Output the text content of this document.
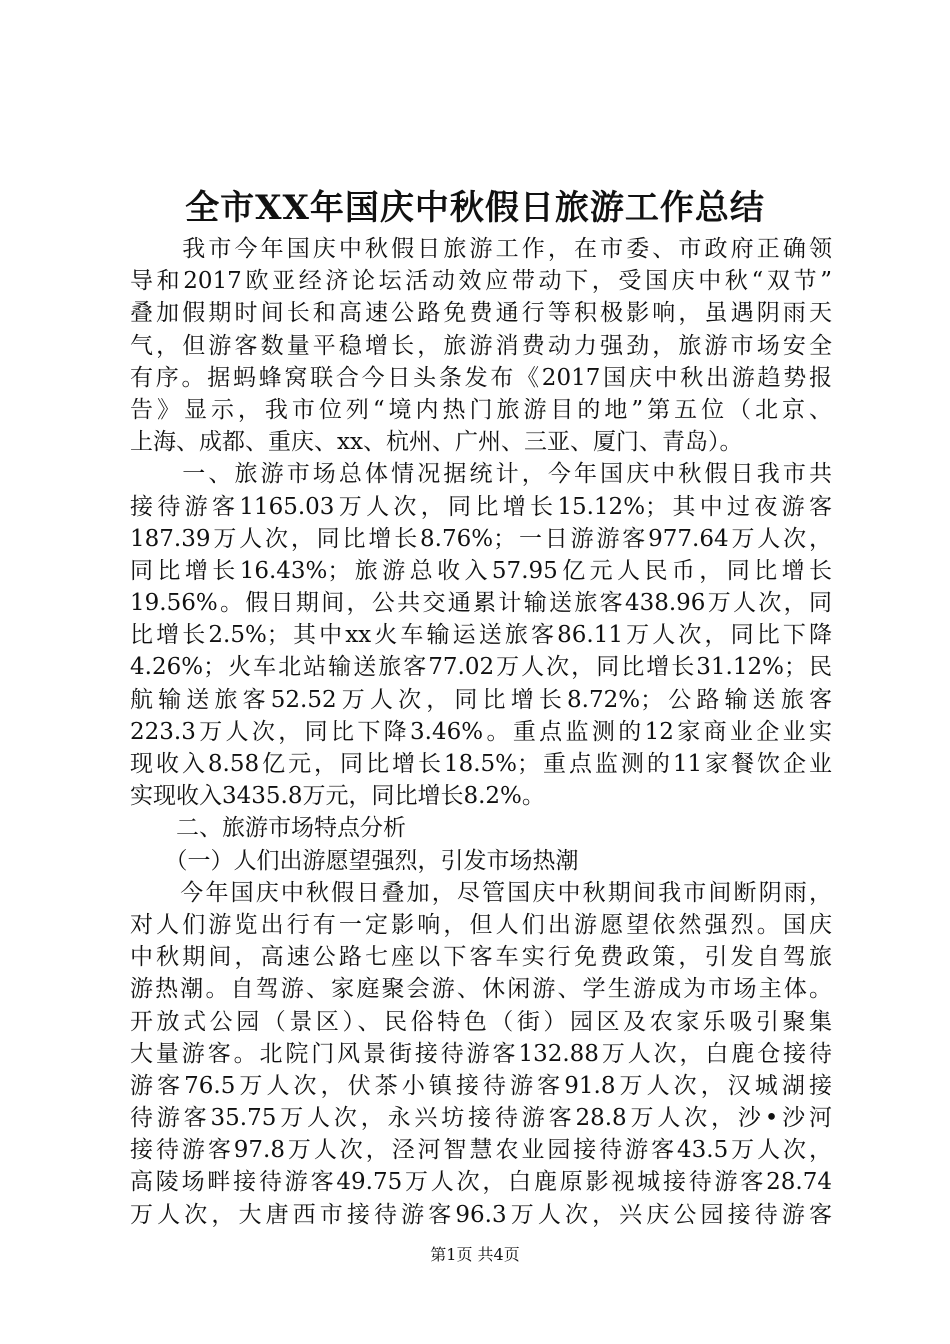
全市XX年国庆中秋假日旅游工作总结
　　我市今年国庆中秋假日旅游工作，在市委、市政府正确领
导和2017欧亚经济论坛活动效应带动下，受国庆中秋“双节”
叠加假期时间长和高速公路免费通行等积极影响，虽遇阴雨天
气，但游客数量平稳增长，旅游消费动力强劲，旅游市场安全
有序。据蚂蜂窝联合今日头条发布《2017国庆中秋出游趋势报
告》显示，我市位列“境内热门旅游目的地”第五位（北京、
上海、成都、重庆、xx、杭州、广州、三亚、厦门、青岛）。
　　一、旅游市场总体情况据统计，今年国庆中秋假日我市共
接待游客1165.03万人次，同比增长15.12%；其中过夜游客
187.39万人次，同比增长8.76%；一日游游客977.64万人次，
同比增长16.43%；旅游总收入57.95亿元人民币，同比增长
19.56%。假日期间，公共交通累计输送旅客438.96万人次，同
比增长2.5%；其中xx火车输运送旅客86.11万人次，同比下降
4.26%；火车北站输送旅客77.02万人次，同比增长31.12%；民
航输送旅客52.52万人次，同比增长8.72%；公路输送旅客
223.3万人次，同比下降3.46%。重点监测的12家商业企业实
现收入8.58亿元，同比增长18.5%；重点监测的11家餐饮企业
实现收入3435.8万元，同比增长8.2%。
　　二、旅游市场特点分析
　　（一）人们出游愿望强烈，引发市场热潮
　　今年国庆中秋假日叠加，尽管国庆中秋期间我市间断阴雨，
对人们游览出行有一定影响，但人们出游愿望依然强烈。国庆
中秋期间，高速公路七座以下客车实行免费政策，引发自驾旅
游热潮。自驾游、家庭聚会游、休闲游、学生游成为市场主体。
开放式公园（景区）、民俗特色（街）园区及农家乐吸引聚集
大量游客。北院门风景街接待游客132.88万人次，白鹿仓接待
游客76.5万人次，伏茶小镇接待游客91.8万人次，汉城湖接
待游客35.75万人次，永兴坊接待游客28.8万人次，沙•沙河
接待游客97.8万人次，泾河智慧农业园接待游客43.5万人次，
高陵场畔接待游客49.75万人次，白鹿原影视城接待游客28.74
万人次，大唐西市接待游客96.3万人次，兴庆公园接待游客
第1页 共4页
